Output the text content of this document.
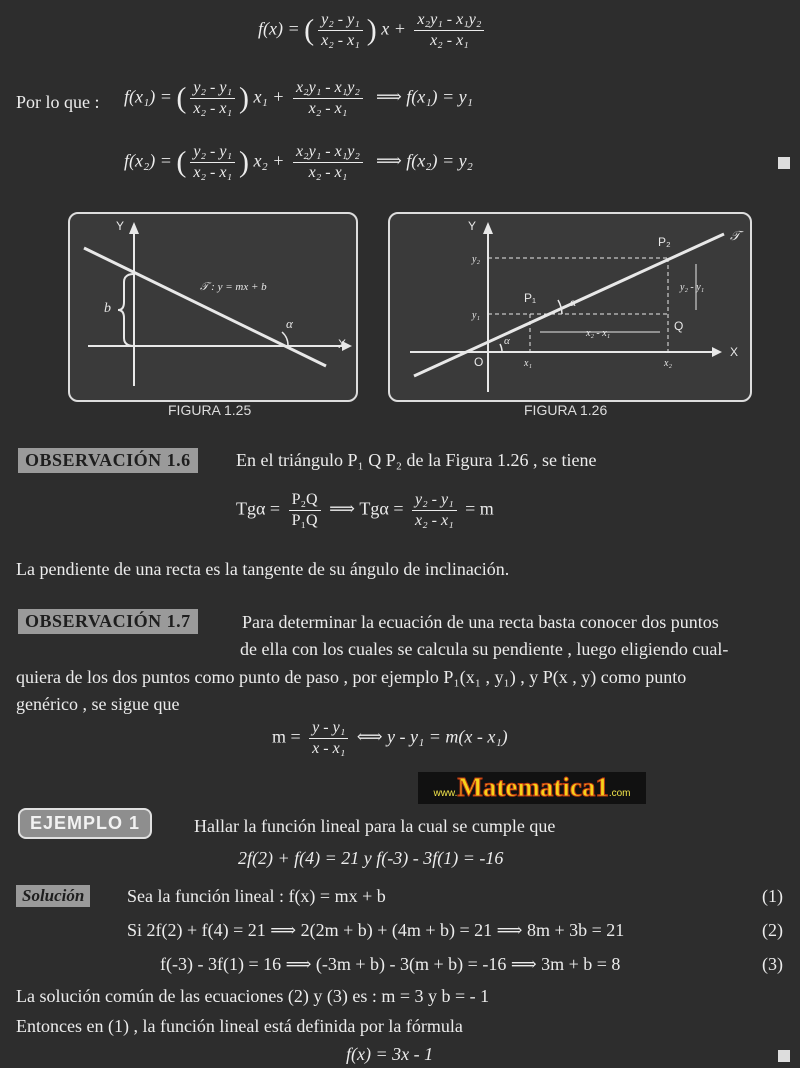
f(x) = ( $\frac{\text{y₂ - y₁}}{\text{x₂ - x₁}}$ ) $x + \frac{\text{x₂y₁ - x₁y₂}}{\text{x₂ - x₁}}$
Por lo que : f(x₁) = ( $\frac{\text{y₂ - y₁}}{\text{x₂ - x₁}}$ ) $x_1 + \frac{\text{x₂y₁ - x₁y₂}}{\text{x₂ - x₁}}$ ⟹ f(x₁) = y₁
f(x₂) = ( $\frac{\text{y₂ - y₁}}{\text{x₂ - x₁}}$ ) $x_2 + \frac{\text{x₂y₁ - x₁y₂}}{\text{x₂ - x₁}}$ ⟹ f(x₂) = y₂
Y
X
b
α
𝒯 : y = mx + b
FIGURA 1.25
Y
X
𝒯
P₂
P₁
Q
O
y₂
y₁
x₁	x₂
α
α
y₂ - y₁
x₂ - x₁
FIGURA 1.26
OBSERVACIÓN 1.6	En el triángulo P₁ Q P₂ de la Figura 1.26 , se tiene
$Tg\alpha = \frac{\text{P₂Q}}{\text{P₁Q}}$ ⟹ $Tg\alpha = \frac{\text{y₂ - y₁}}{\text{x₂ - x₁}} = m$
La pendiente de una recta es la tangente de su ángulo de inclinación.
OBSERVACIÓN 1.7	Para determinar la ecuación de una recta basta conocer dos puntos
de ella con los cuales se calcula su pendiente , luego eligiendo cual-
quiera de los dos puntos como punto de paso , por ejemplo P₁(x₁ , y₁) , y P(x , y) como punto
genérico , se sigue que
$m = \frac{\text{y - y₁}}{\text{x - x₁}}$ ⟺ y - y₁ = m(x - x₁)
www. Matematica1 .com
EJEMPLO 1	Hallar la función lineal para la cual se cumple que
2f(2) + f(4) = 21 y f(-3) - 3f(1) = -16
Solución	Sea la función lineal : f(x) = mx + b	(1)
Si 2f(2) + f(4) = 21 ⟹ 2(2m + b) + (4m + b) = 21 ⟹ 8m + 3b = 21	(2)
f(-3) - 3f(1) = 16 ⟹ (-3m + b) - 3(m + b) = -16 ⟹ 3m + b = 8	(3)
La solución común de las ecuaciones (2) y (3) es : m = 3 y b = - 1
Entonces en (1) , la función lineal está definida por la fórmula
f(x) = 3x - 1
